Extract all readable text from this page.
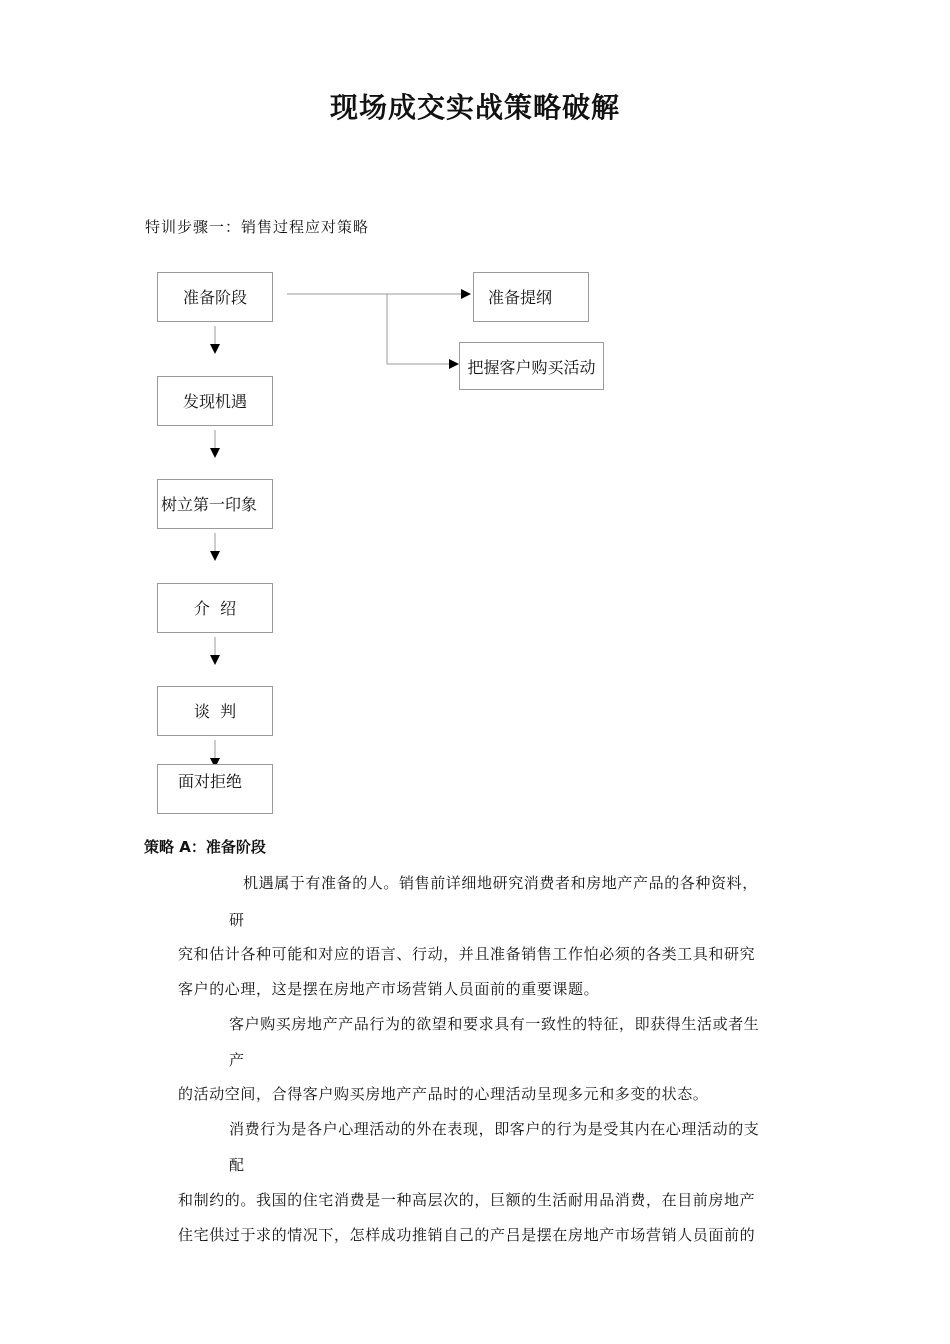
现场成交实战策略破解
特训步骤一：销售过程应对策略
准备阶段
发现机遇
树立第一印象
介  绍
谈  判
面对拒绝
准备提纲
把握客户购买活动
策略 A：准备阶段
机遇属于有准备的人。销售前详细地研究消费者和房地产产品的各种资料，
研
究和估计各种可能和对应的语言、行动，并且准备销售工作怕必须的各类工具和研究
客户的心理，这是摆在房地产市场营销人员面前的重要课题。
客户购买房地产产品行为的欲望和要求具有一致性的特征，即获得生活或者生
产
的活动空间，合得客户购买房地产产品时的心理活动呈现多元和多变的状态。
消费行为是各户心理活动的外在表现，即客户的行为是受其内在心理活动的支
配
和制约的。我国的住宅消费是一种高层次的，巨额的生活耐用品消费，在目前房地产
住宅供过于求的情况下，怎样成功推销自己的产吕是摆在房地产市场营销人员面前的
